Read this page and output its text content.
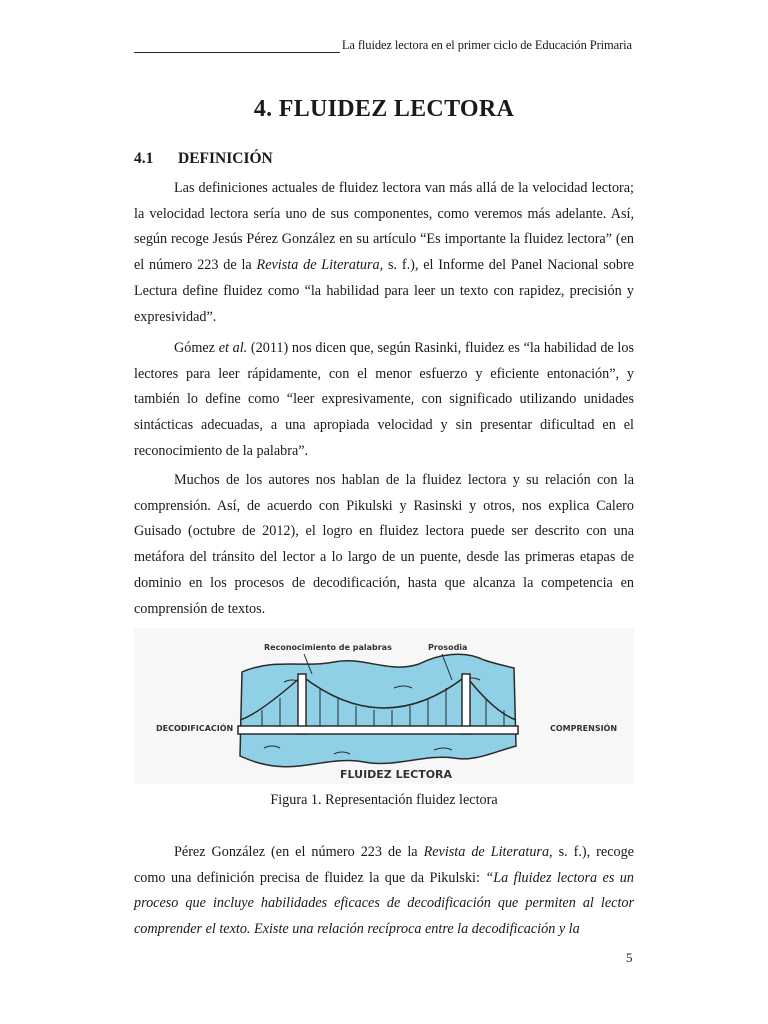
La fluidez lectora en el primer ciclo de Educación Primaria
4. FLUIDEZ LECTORA
4.1 DEFINICIÓN

Las definiciones actuales de fluidez lectora van más allá de la velocidad lectora; la velocidad lectora sería uno de sus componentes, como veremos más adelante. Así, según recoge Jesús Pérez González en su artículo “Es importante la fluidez lectora” (en el número 223 de la Revista de Literatura, s. f.), el Informe del Panel Nacional sobre Lectura define fluidez como “la habilidad para leer un texto con rapidez, precisión y expresividad”.

Gómez et al. (2011) nos dicen que, según Rasinki, fluidez es “la habilidad de los lectores para leer rápidamente, con el menor esfuerzo y eficiente entonación”, y también lo define como “leer expresivamente, con significado utilizando unidades sintácticas adecuadas, a una apropiada velocidad y sin presentar dificultad en el reconocimiento de la palabra”.

Muchos de los autores nos hablan de la fluidez lectora y su relación con la comprensión. Así, de acuerdo con Pikulski y Rasinski y otros, nos explica Calero Guisado (octubre de 2012), el logro en fluidez lectora puede ser descrito con una metáfora del tránsito del lector a lo largo de un puente, desde las primeras etapas de dominio en los procesos de decodificación, hasta que alcanza la competencia en comprensión de textos.

Reconocimiento de palabras	Prosodia
DECODIFICACIÓN	COMPRENSIÓN
FLUIDEZ LECTORA
Figura 1. Representación fluidez lectora

Pérez González (en el número 223 de la Revista de Literatura, s. f.), recoge como una definición precisa de fluidez la que da Pikulski: “La fluidez lectora es un proceso que incluye habilidades eficaces de decodificación que permiten al lector comprender el texto. Existe una relación recíproca entre la decodificación y la

5
